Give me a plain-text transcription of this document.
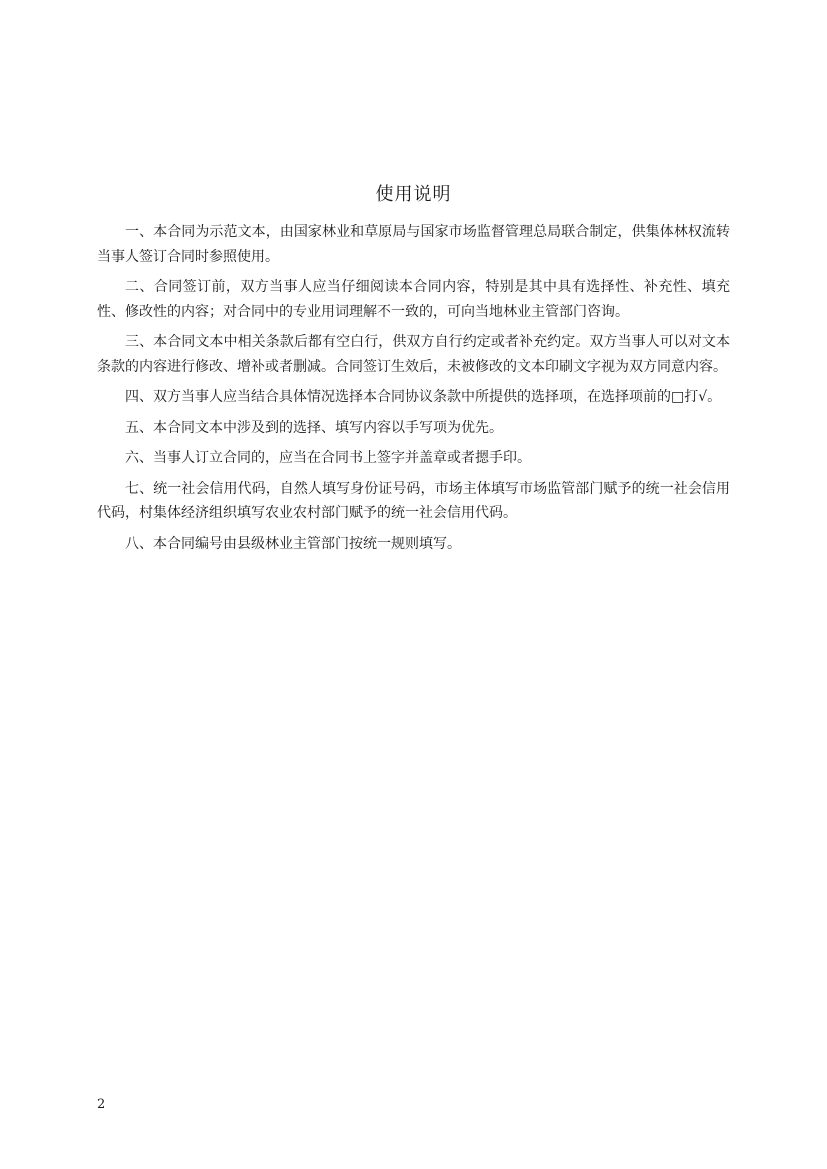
使用说明

一、本合同为示范文本，由国家林业和草原局与国家市场监督管理总局联合制定，供集体林权流转当事人签订合同时参照使用。

二、合同签订前，双方当事人应当仔细阅读本合同内容，特别是其中具有选择性、补充性、填充性、修改性的内容；对合同中的专业用词理解不一致的，可向当地林业主管部门咨询。

三、本合同文本中相关条款后都有空白行，供双方自行约定或者补充约定。双方当事人可以对文本条款的内容进行修改、增补或者删减。合同签订生效后，未被修改的文本印刷文字视为双方同意内容。

四、双方当事人应当结合具体情况选择本合同协议条款中所提供的选择项，在选择项前的□打√。

五、本合同文本中涉及到的选择、填写内容以手写项为优先。

六、当事人订立合同的，应当在合同书上签字并盖章或者摁手印。

七、统一社会信用代码，自然人填写身份证号码，市场主体填写市场监管部门赋予的统一社会信用代码，村集体经济组织填写农业农村部门赋予的统一社会信用代码。

八、本合同编号由县级林业主管部门按统一规则填写。

2
